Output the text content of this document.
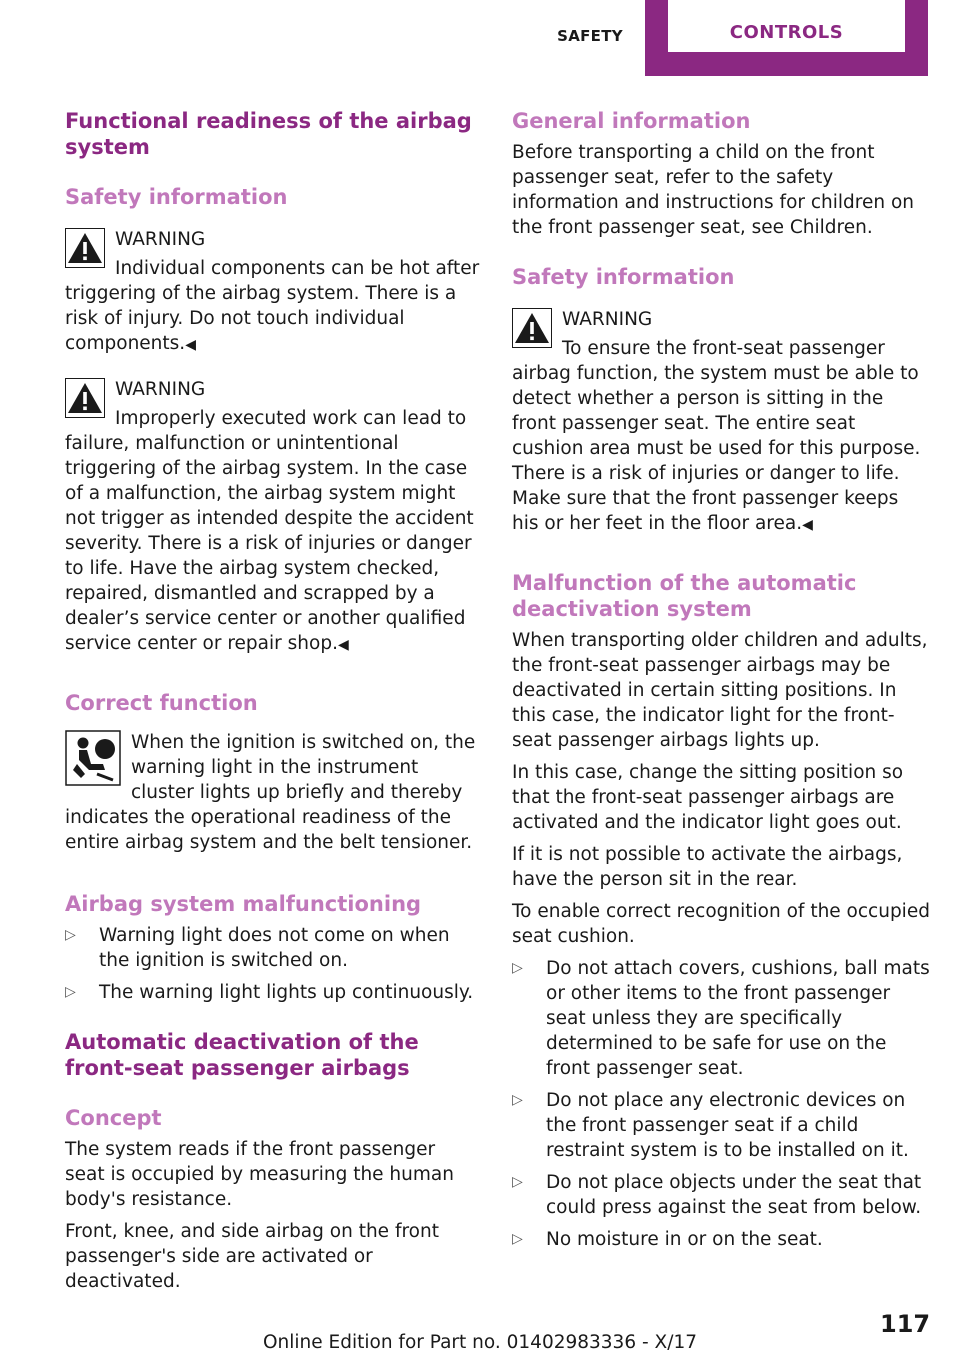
SAFETY	CONTROLS
Functional readiness of the airbag system
Safety information
WARNING

Individual components can be hot after triggering of the airbag system. There is a risk of injury. Do not touch individual components.◀

WARNING

Improperly executed work can lead to failure, malfunction or unintentional triggering of the airbag system. In the case of a malfunction, the airbag system might not trigger as intended despite the accident severity. There is a risk of injuries or danger to life. Have the airbag system checked, repaired, dismantled and scrapped by a dealer’s service center or another qualified service center or repair shop.◀

Correct function

When the ignition is switched on, the warning light in the instrument cluster lights up briefly and thereby indicates the operational readiness of the entire airbag system and the belt tensioner.

Airbag system malfunctioning
▷ Warning light does not come on when the ignition is switched on.
▷ The warning light lights up continuously.
Automatic deactivation of the front-seat passenger airbags
Concept

The system reads if the front passenger seat is occupied by measuring the human body's resistance.

Front, knee, and side airbag on the front passenger's side are activated or deactivated.

General information

Before transporting a child on the front passenger seat, refer to the safety information and instructions for children on the front passenger seat, see Children.

Safety information
WARNING

To ensure the front-seat passenger airbag function, the system must be able to detect whether a person is sitting in the front passenger seat. The entire seat cushion area must be used for this purpose. There is a risk of injuries or danger to life. Make sure that the front passenger keeps his or her feet in the floor area.◀

Malfunction of the automatic deactivation system

When transporting older children and adults, the front-seat passenger airbags may be deactivated in certain sitting positions. In this case, the indicator light for the front-seat passenger airbags lights up.

In this case, change the sitting position so that the front-seat passenger airbags are activated and the indicator light goes out.

If it is not possible to activate the airbags, have the person sit in the rear.

To enable correct recognition of the occupied seat cushion.

▷ Do not attach covers, cushions, ball mats or other items to the front passenger seat unless they are specifically determined to be safe for use on the front passenger seat.
▷ Do not place any electronic devices on the front passenger seat if a child restraint system is to be installed on it.
▷ Do not place objects under the seat that could press against the seat from below.
▷ No moisture in or on the seat.
117
Online Edition for Part no. 01402983336 - X/17
